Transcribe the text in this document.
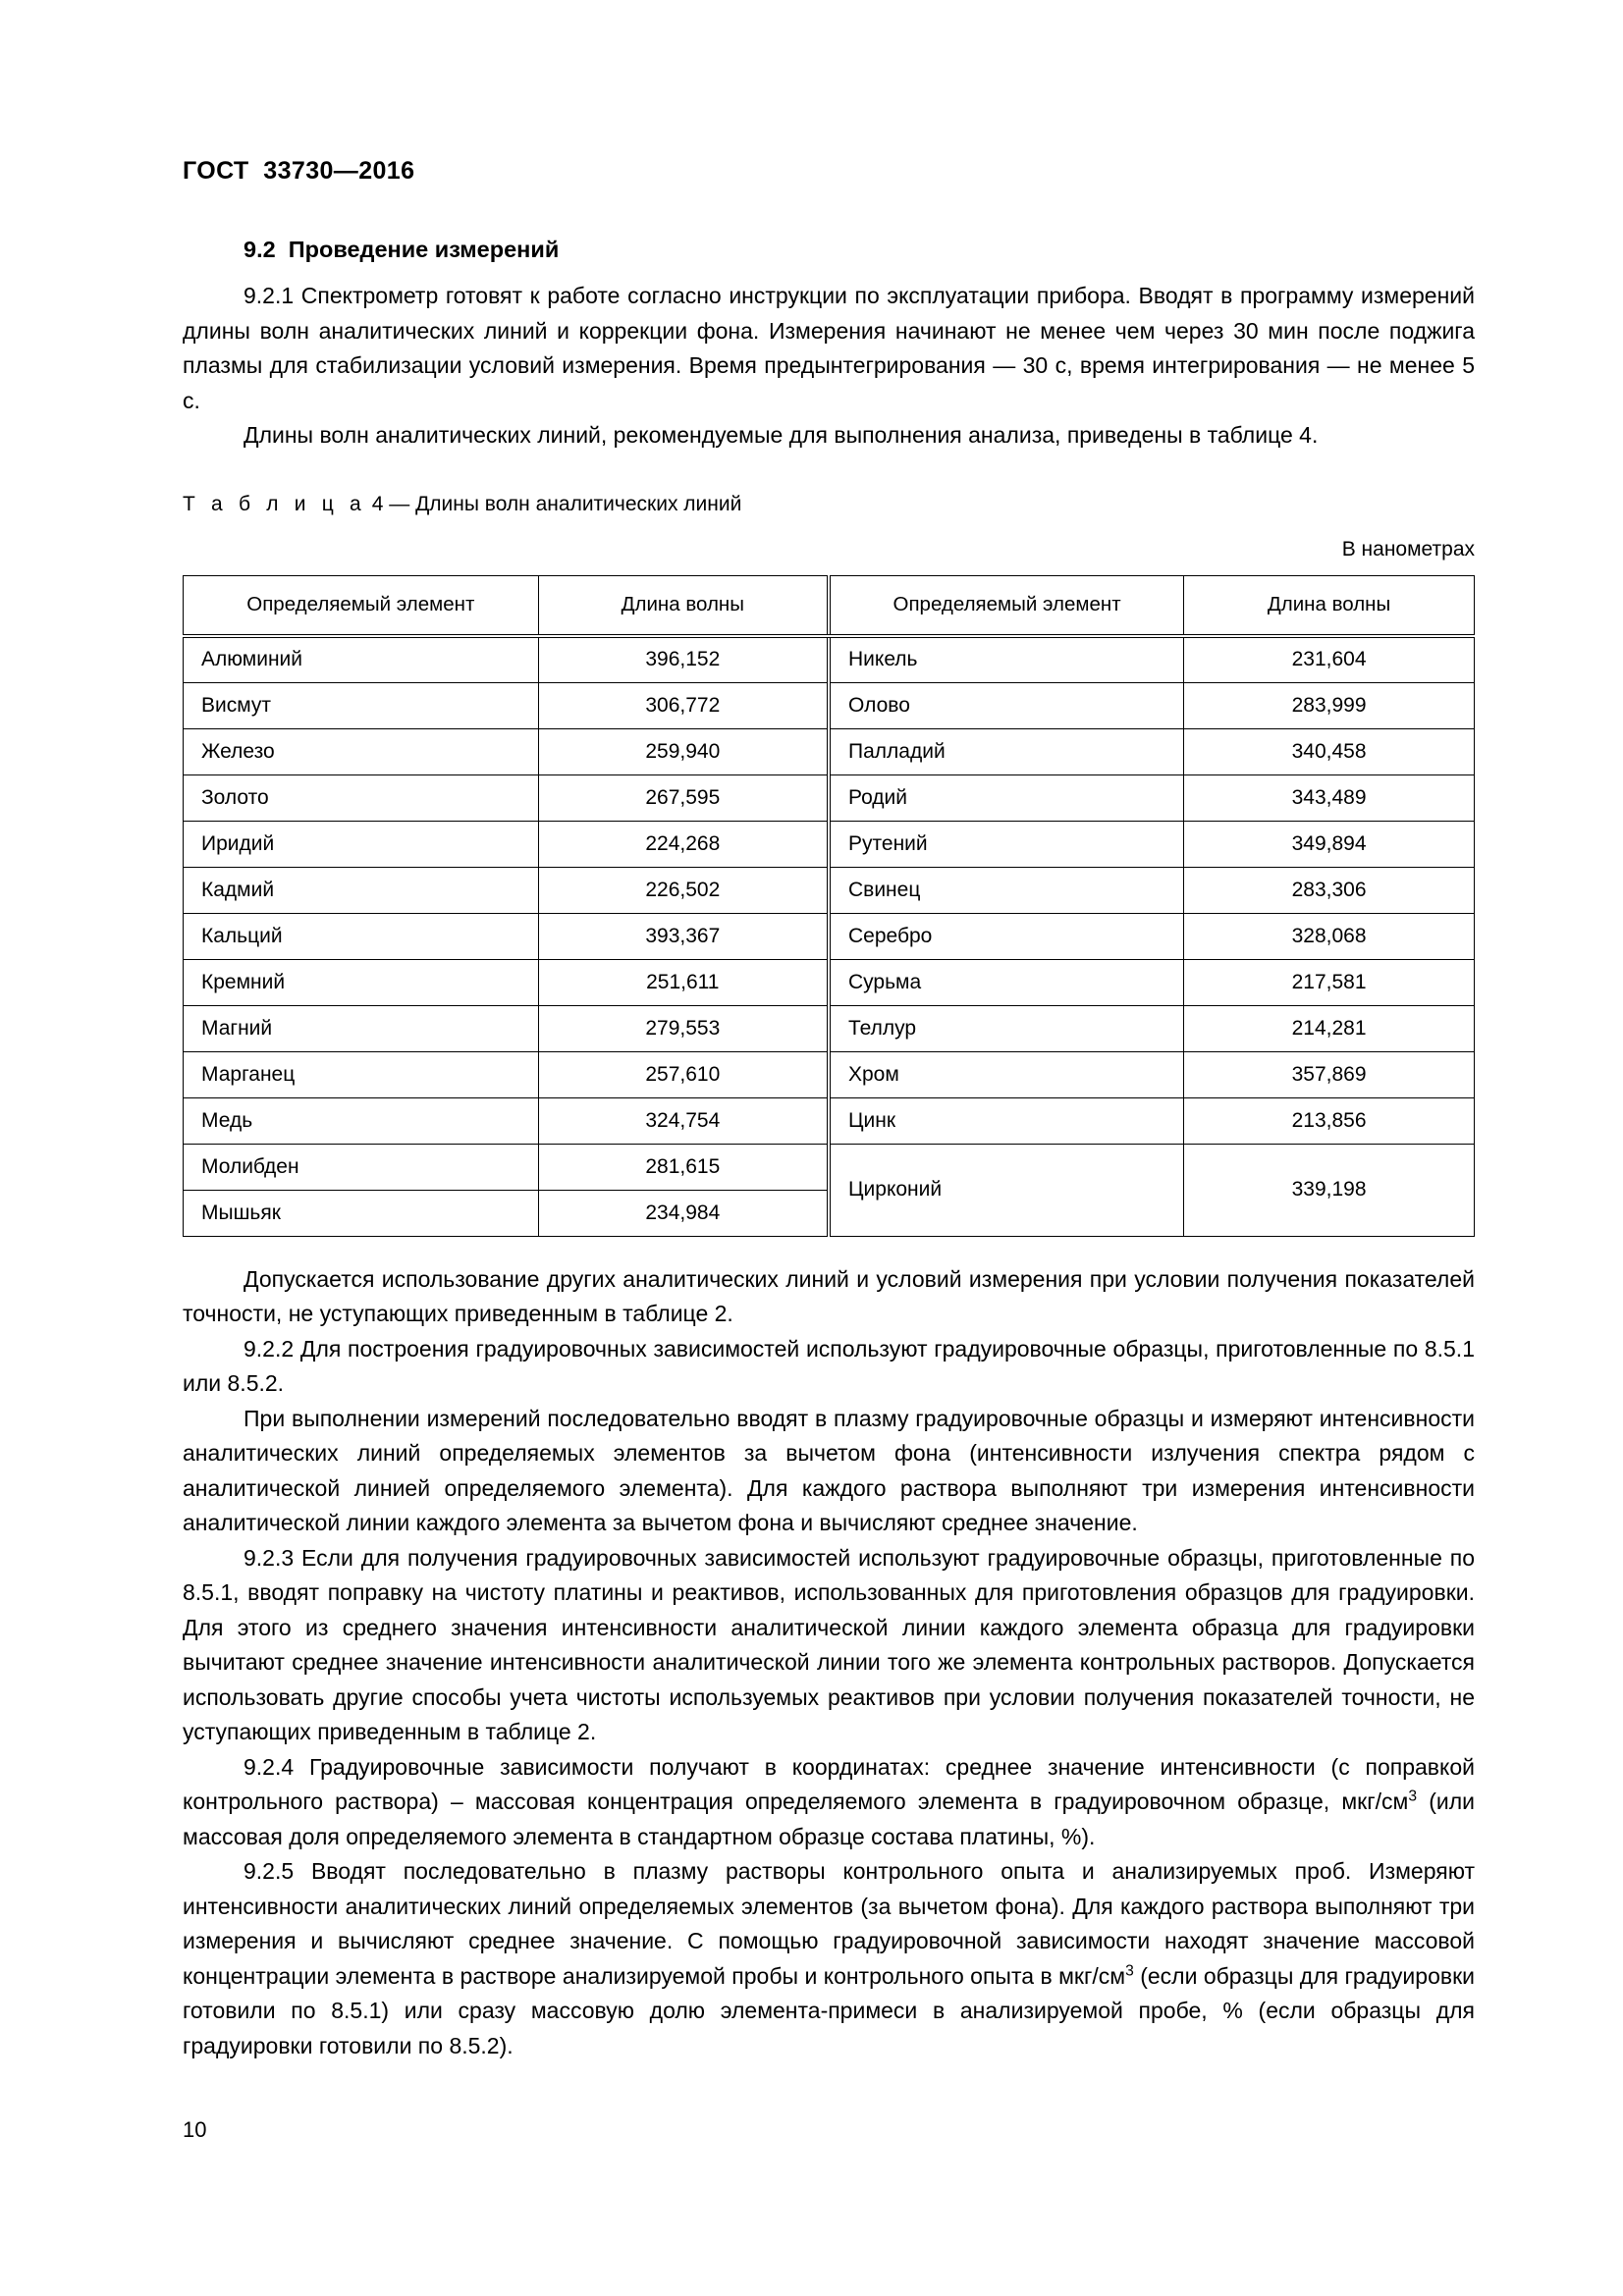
ГОСТ  33730—2016
9.2  Проведение измерений

9.2.1 Спектрометр готовят к работе согласно инструкции по эксплуатации прибора. Вводят в программу измерений длины волн аналитических линий и коррекции фона. Измерения начинают не менее чем через 30 мин после поджига плазмы для стабилизации условий измерения. Время предынтегрирования — 30 с, время интегрирования — не менее 5 с.

Длины волн аналитических линий, рекомендуемые для выполнения анализа, приведены в таблице 4.

Т а б л и ц а 4 — Длины волн аналитических линий
В нанометрах
Определяемый элемент	Длина волны	Определяемый элемент	Длина волны
Алюминий	396,152	Никель	231,604
Висмут	306,772	Олово	283,999
Железо	259,940	Палладий	340,458
Золото	267,595	Родий	343,489
Иридий	224,268	Рутений	349,894
Кадмий	226,502	Свинец	283,306
Кальций	393,367	Серебро	328,068
Кремний	251,611	Сурьма	217,581
Магний	279,553	Теллур	214,281
Марганец	257,610	Хром	357,869
Медь	324,754	Цинк	213,856
Молибден	281,615	Цирконий	339,198
Мышьяк	234,984		

Допускается использование других аналитических линий и условий измерения при условии получения показателей точности, не уступающих приведенным в таблице 2.

9.2.2 Для построения градуировочных зависимостей используют градуировочные образцы, приготовленные по 8.5.1 или 8.5.2.

При выполнении измерений последовательно вводят в плазму градуировочные образцы и измеряют интенсивности аналитических линий определяемых элементов за вычетом фона (интенсивности излучения спектра рядом с аналитической линией определяемого элемента). Для каждого раствора выполняют три измерения интенсивности аналитической линии каждого элемента за вычетом фона и вычисляют среднее значение.

9.2.3 Если для получения градуировочных зависимостей используют градуировочные образцы, приготовленные по 8.5.1, вводят поправку на чистоту платины и реактивов, использованных для приготовления образцов для градуировки. Для этого из среднего значения интенсивности аналитической линии каждого элемента образца для градуировки вычитают среднее значение интенсивности аналитической линии того же элемента контрольных растворов. Допускается использовать другие способы учета чистоты используемых реактивов при условии получения показателей точности, не уступающих приведенным в таблице 2.

9.2.4 Градуировочные зависимости получают в координатах: среднее значение интенсивности (с поправкой контрольного раствора) – массовая концентрация определяемого элемента в градуировочном образце, мкг/$см^3$ (или массовая доля определяемого элемента в стандартном образце состава платины, %).

9.2.5 Вводят последовательно в плазму растворы контрольного опыта и анализируемых проб. Измеряют интенсивности аналитических линий определяемых элементов (за вычетом фона). Для каждого раствора выполняют три измерения и вычисляют среднее значение. С помощью градуировочной зависимости находят значение массовой концентрации элемента в растворе анализируемой пробы и контрольного опыта в мкг/$см^3$ (если образцы для градуировки готовили по 8.5.1) или сразу массовую долю элемента-примеси в анализируемой пробе, % (если образцы для градуировки готовили по 8.5.2).

10
